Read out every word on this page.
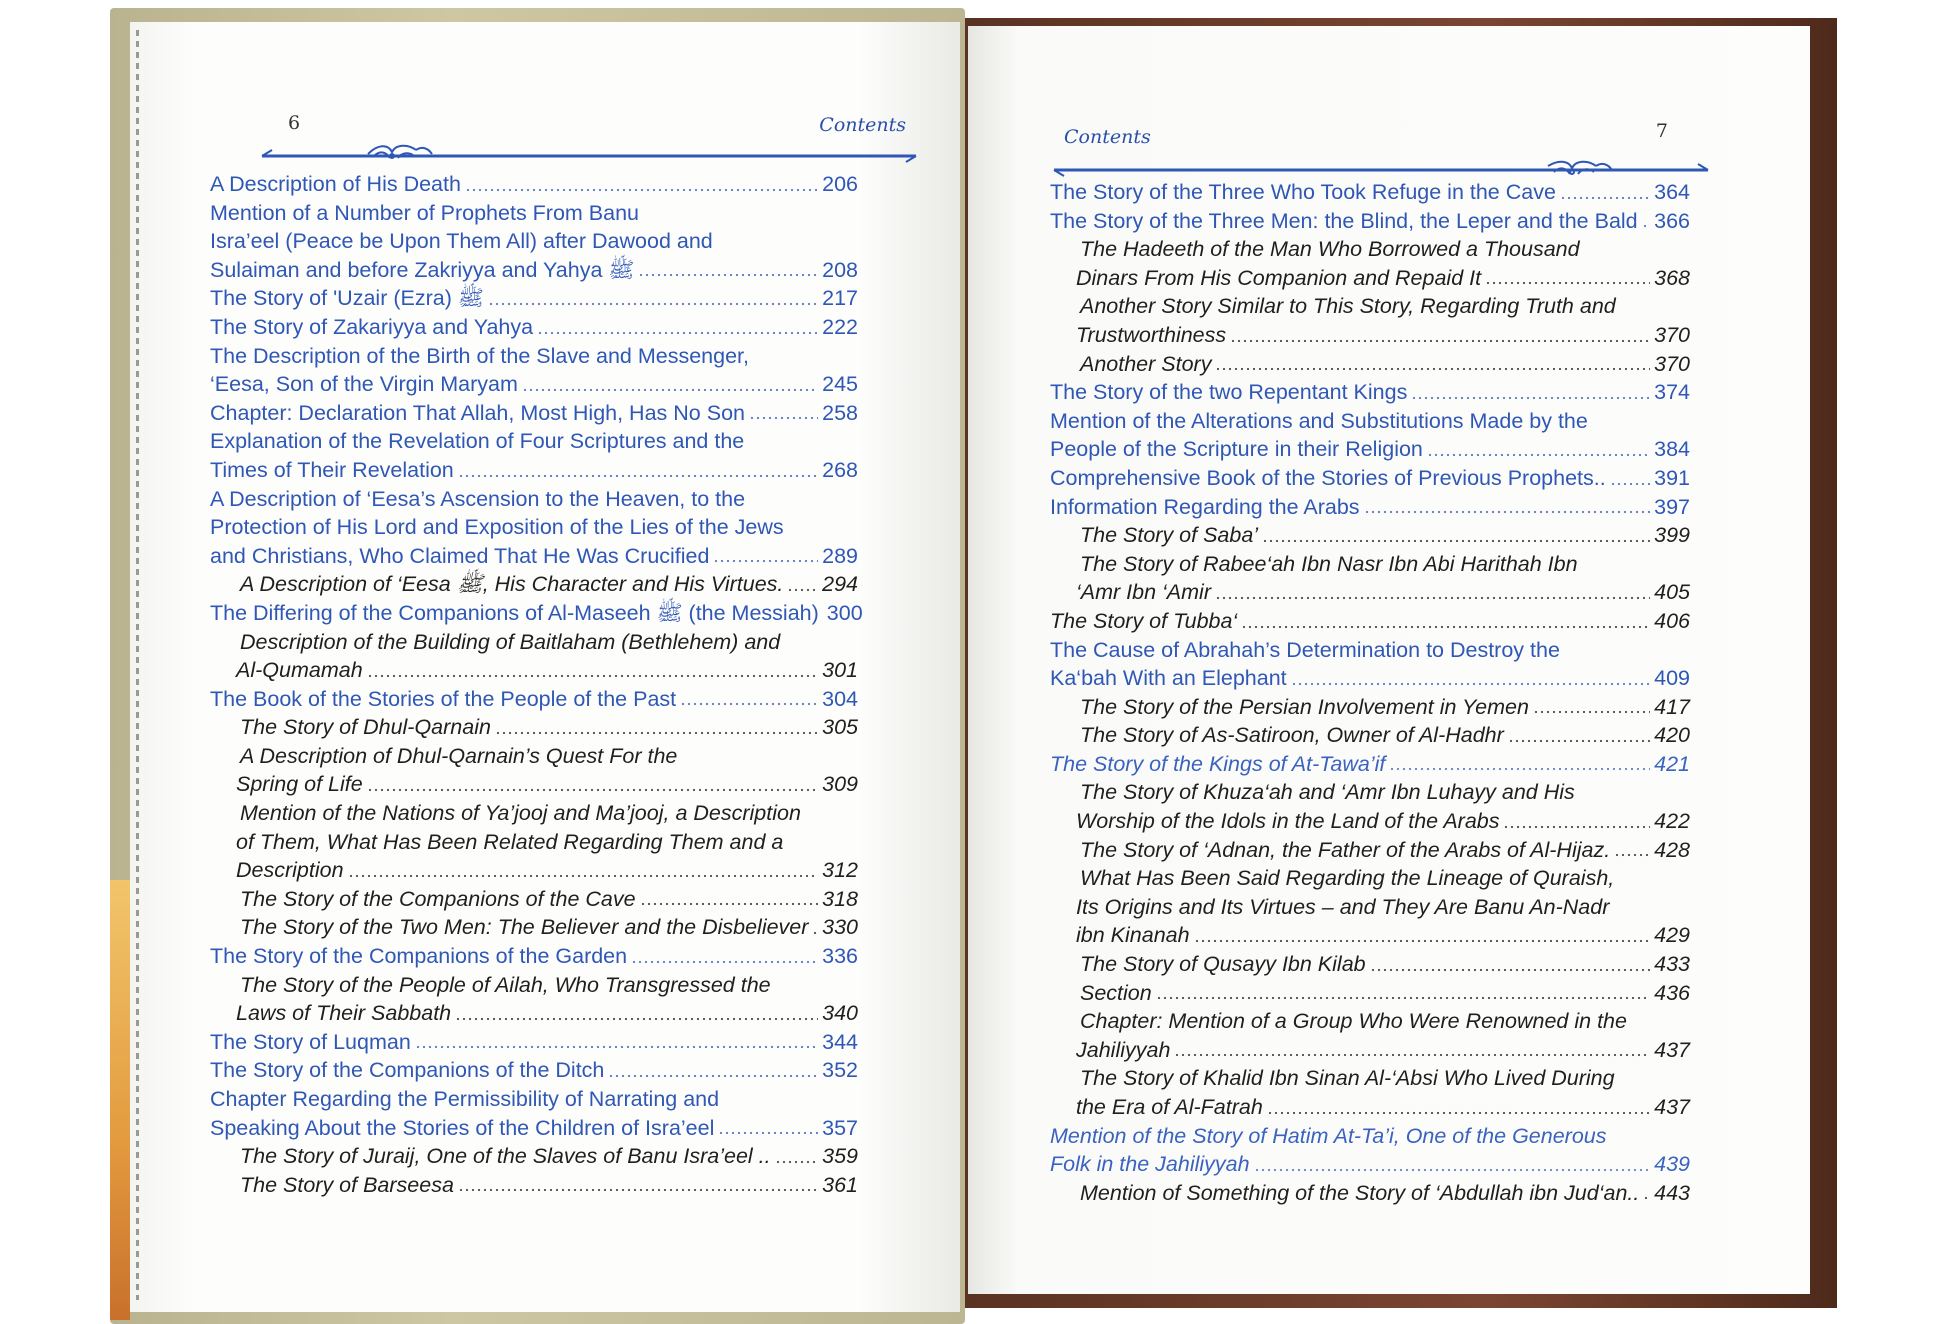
6	Contents
A Description of His Death	206
Mention of a Number of Prophets From Banu
Isra’eel (Peace be Upon Them All) after Dawood and
Sulaiman and before Zakriyya and Yahya ﷺ	208
The Story of 'Uzair (Ezra) ﷺ	217
The Story of Zakariyya and Yahya	222
The Description of the Birth of the Slave and Messenger,
‘Eesa, Son of the Virgin Maryam	245
Chapter: Declaration That Allah, Most High, Has No Son	258
Explanation of the Revelation of Four Scriptures and the
Times of Their Revelation	268
A Description of ‘Eesa’s Ascension to the Heaven, to the
Protection of His Lord and Exposition of the Lies of the Jews
and Christians, Who Claimed That He Was Crucified	289
A Description of ‘Eesa ﷺ, His Character and His Virtues. 294
The Differing of the Companions of Al-Maseeh ﷺ (the Messiah) 300
Description of the Building of Baitlaham (Bethlehem) and
Al-Qumamah	301
The Book of the Stories of the People of the Past	304
The Story of Dhul-Qarnain	305
A Description of Dhul-Qarnain’s Quest For the
Spring of Life	309
Mention of the Nations of Ya’jooj and Ma’jooj, a Description
of Them, What Has Been Related Regarding Them and a
Description	312
The Story of the Companions of the Cave	318
The Story of the Two Men: The Believer and the Disbeliever 330
The Story of the Companions of the Garden	336
The Story of the People of Ailah, Who Transgressed the
Laws of Their Sabbath	340
The Story of Luqman	344
The Story of the Companions of the Ditch	352
Chapter Regarding the Permissibility of Narrating and
Speaking About the Stories of the Children of Isra’eel	357
The Story of Juraij, One of the Slaves of Banu Isra’eel .. 359
The Story of Barseesa	361
Contents	7
The Story of the Three Who Took Refuge in the Cave	364
The Story of the Three Men: the Blind, the Leper and the Bald 366
The Hadeeth of the Man Who Borrowed a Thousand
Dinars From His Companion and Repaid It	368
Another Story Similar to This Story, Regarding Truth and
Trustworthiness	370
Another Story	370
The Story of the two Repentant Kings	374
Mention of the Alterations and Substitutions Made by the
People of the Scripture in their Religion	384
Comprehensive Book of the Stories of Previous Prophets.. 391
Information Regarding the Arabs	397
The Story of Saba’	399
The Story of Rabee‘ah Ibn Nasr Ibn Abi Harithah Ibn
‘Amr Ibn ‘Amir	405
The Story of Tubba‘	406
The Cause of Abrahah’s Determination to Destroy the
Ka‘bah With an Elephant	409
The Story of the Persian Involvement in Yemen	417
The Story of As-Satiroon, Owner of Al-Hadhr	420
The Story of the Kings of At-Tawa’if	421
The Story of Khuza‘ah and ‘Amr Ibn Luhayy and His
Worship of the Idols in the Land of the Arabs	422
The Story of ‘Adnan, the Father of the Arabs of Al-Hijaz. 428
What Has Been Said Regarding the Lineage of Quraish,
Its Origins and Its Virtues – and They Are Banu An-Nadr
ibn Kinanah	429
The Story of Qusayy Ibn Kilab	433
Section	436
Chapter: Mention of a Group Who Were Renowned in the
Jahiliyyah	437
The Story of Khalid Ibn Sinan Al-‘Absi Who Lived During
the Era of Al-Fatrah	437
Mention of the Story of Hatim At-Ta’i, One of the Generous
Folk in the Jahiliyyah	439
Mention of Something of the Story of ‘Abdullah ibn Jud‘an.. 443
